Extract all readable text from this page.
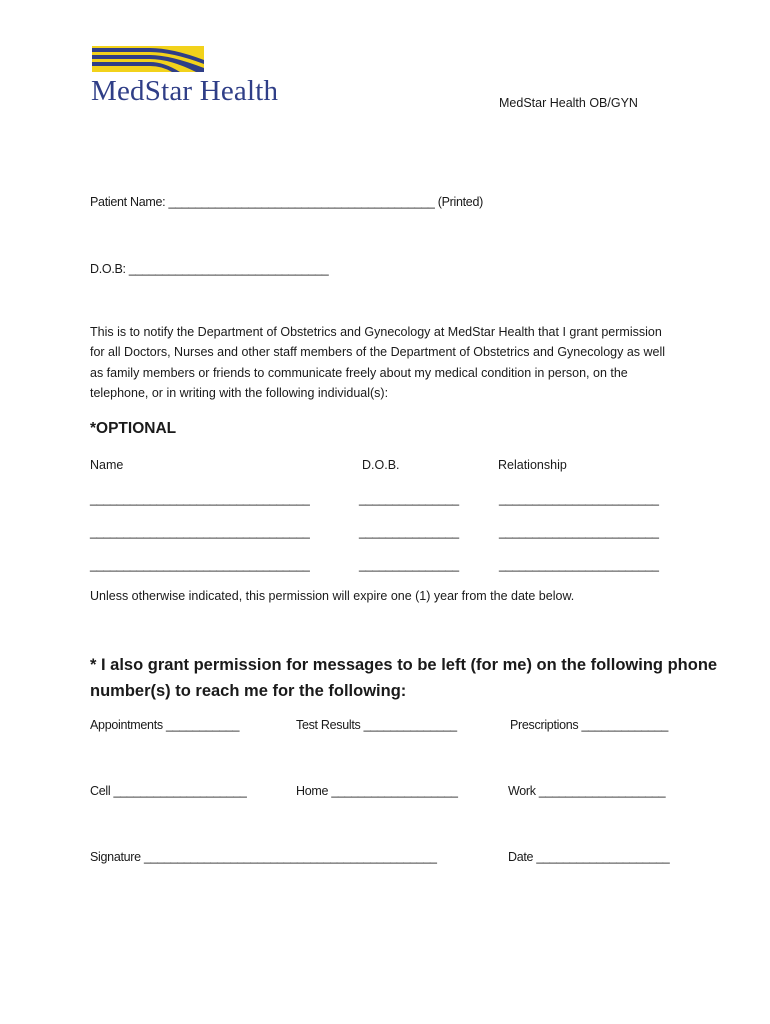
MedStar Health	MedStar Health OB/GYN
Patient Name: ________________________________________ (Printed)
D.O.B: ______________________________
This is to notify the Department of Obstetrics and Gynecology at MedStar Health that I grant permission
for all Doctors, Nurses and other staff members of the Department of Obstetrics and Gynecology as well
as family members or friends to communicate freely about my medical condition in person, on the
telephone, or in writing with the following individual(s):
*OPTIONAL
Name	D.O.B.	Relationship
_________________________________	_______________	________________________
_________________________________	_______________	________________________
_________________________________	_______________	________________________
Unless otherwise indicated, this permission will expire one (1) year from the date below.
* I also grant permission for messages to be left (for me) on the following phone
number(s) to reach me for the following:
Appointments ___________	Test Results ______________	Prescriptions _____________
Cell ____________________	Home ___________________	Work ___________________
Signature ____________________________________________	Date ____________________
